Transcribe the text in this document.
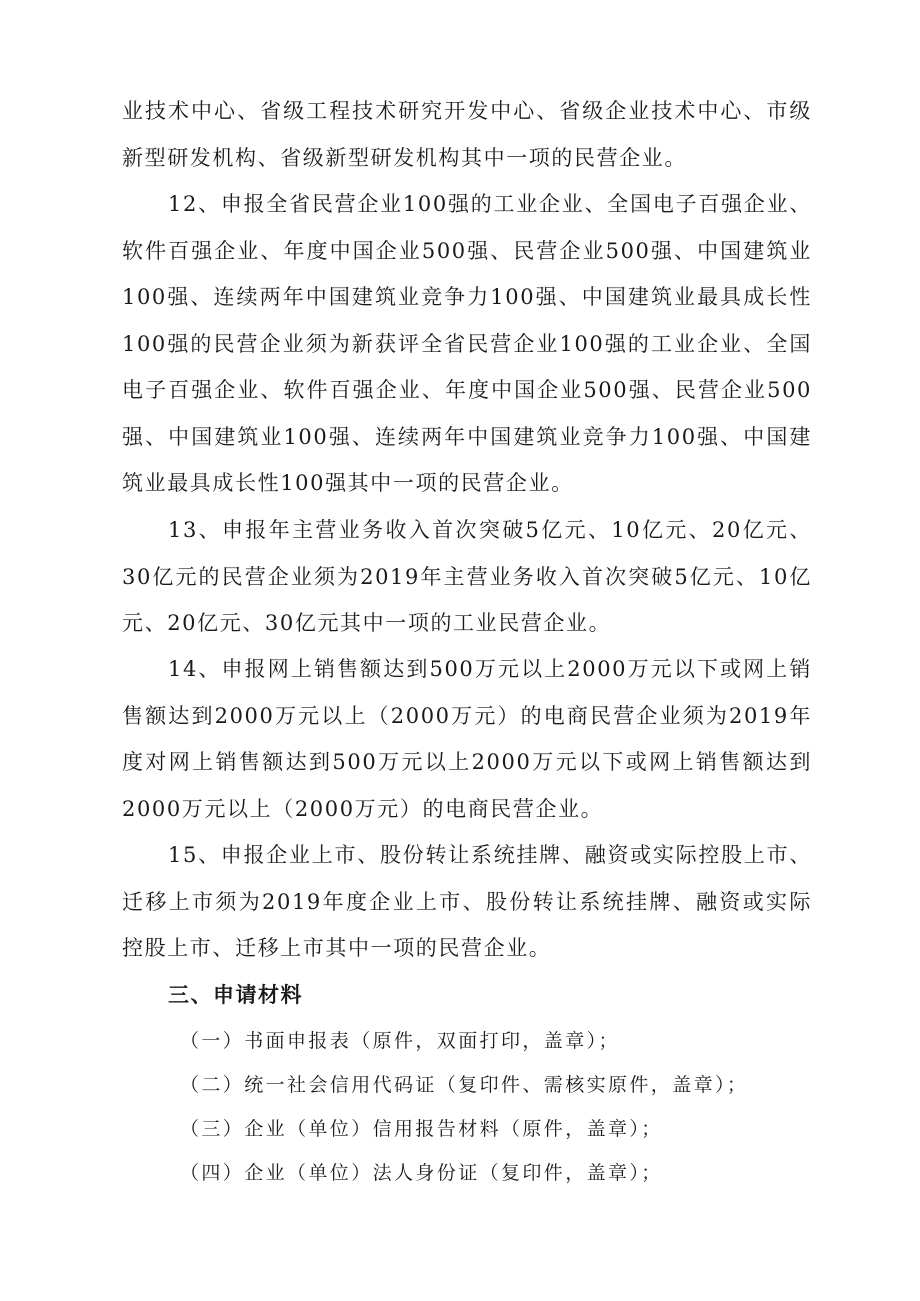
业技术中心、省级工程技术研究开发中心、省级企业技术中心、市级新型研发机构、省级新型研发机构其中一项的民营企业。

12、申报全省民营企业100强的工业企业、全国电子百强企业、软件百强企业、年度中国企业500强、民营企业500强、中国建筑业100强、连续两年中国建筑业竞争力100强、中国建筑业最具成长性100强的民营企业须为新获评全省民营企业100强的工业企业、全国电子百强企业、软件百强企业、年度中国企业500强、民营企业500强、中国建筑业100强、连续两年中国建筑业竞争力100强、中国建筑业最具成长性100强其中一项的民营企业。

13、申报年主营业务收入首次突破5亿元、10亿元、20亿元、30亿元的民营企业须为2019年主营业务收入首次突破5亿元、10亿元、20亿元、30亿元其中一项的工业民营企业。

14、申报网上销售额达到500万元以上2000万元以下或网上销售额达到2000万元以上（2000万元）的电商民营企业须为2019年度对网上销售额达到500万元以上2000万元以下或网上销售额达到2000万元以上（2000万元）的电商民营企业。

15、申报企业上市、股份转让系统挂牌、融资或实际控股上市、迁移上市须为2019年度企业上市、股份转让系统挂牌、融资或实际控股上市、迁移上市其中一项的民营企业。

三、申请材料

（一）书面申报表（原件，双面打印，盖章）；

（二）统一社会信用代码证（复印件、需核实原件，盖章）；

（三）企业（单位）信用报告材料（原件，盖章）；

（四）企业（单位）法人身份证（复印件，盖章）；
